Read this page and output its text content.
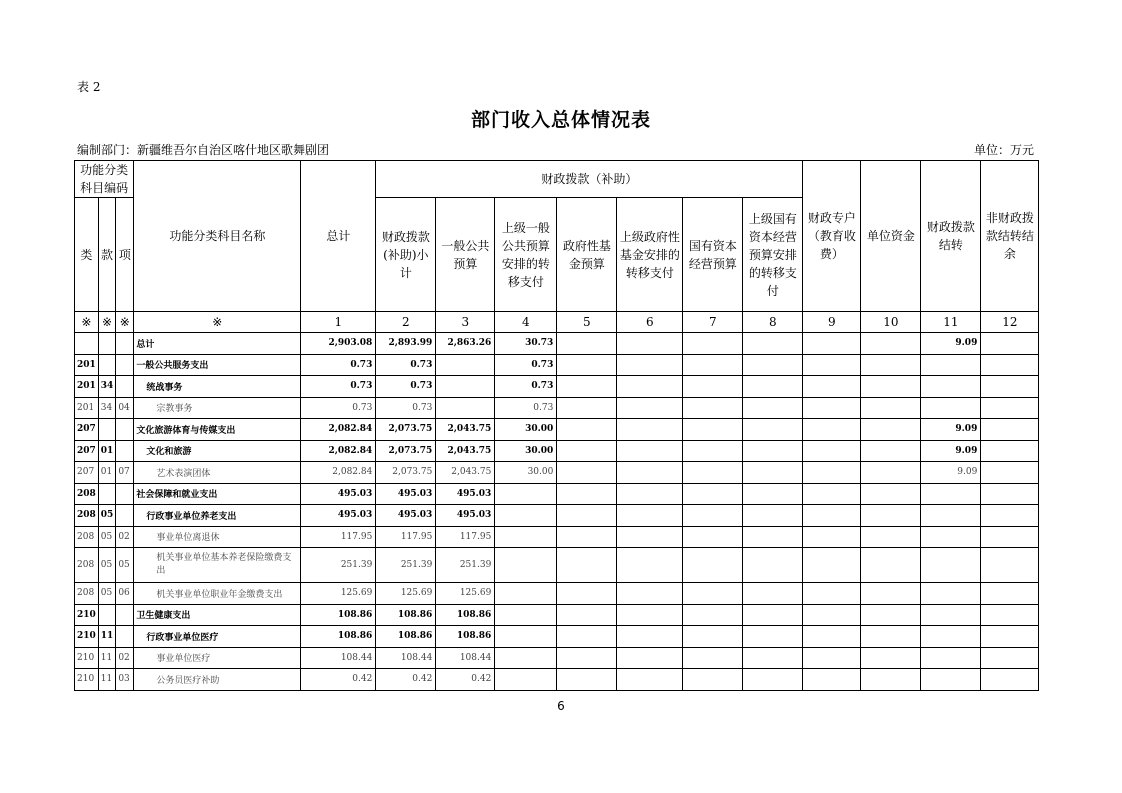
表 2
部门收入总体情况表
编制部门：新疆维吾尔自治区喀什地区歌舞剧团	单位：万元
功能分类科目编码			功能分类科目名称	总计	财政拨款（补助）							财政专户（教育收费）	单位资金	财政拨款结转	非财政拨款结转结余
类	款	项			财政拨款(补助)小计	一般公共预算	上级一般公共预算安排的转移支付	政府性基金预算	上级政府性基金安排的转移支付	国有资本经营预算	上级国有资本经营预算安排的转移支付				
※	※	※	※	1	2	3	4	5	6	7	8	9	10	11	12
			总计	2,903.08	2,893.99	2,863.26	30.73							9.09	
201			一般公共服务支出	0.73	0.73		0.73								
201	34		统战事务	0.73	0.73		0.73								
201	34	04	宗教事务	0.73	0.73		0.73								
207			文化旅游体育与传媒支出	2,082.84	2,073.75	2,043.75	30.00							9.09	
207	01		文化和旅游	2,082.84	2,073.75	2,043.75	30.00							9.09	
207	01	07	艺术表演团体	2,082.84	2,073.75	2,043.75	30.00							9.09	
208			社会保障和就业支出	495.03	495.03	495.03									
208	05		行政事业单位养老支出	495.03	495.03	495.03									
208	05	02	事业单位离退休	117.95	117.95	117.95									
208	05	05	机关事业单位基本养老保险缴费支出	251.39	251.39	251.39									
208	05	06	机关事业单位职业年金缴费支出	125.69	125.69	125.69									
210			卫生健康支出	108.86	108.86	108.86									
210	11		行政事业单位医疗	108.86	108.86	108.86									
210	11	02	事业单位医疗	108.44	108.44	108.44									
210	11	03	公务员医疗补助	0.42	0.42	0.42									
6
